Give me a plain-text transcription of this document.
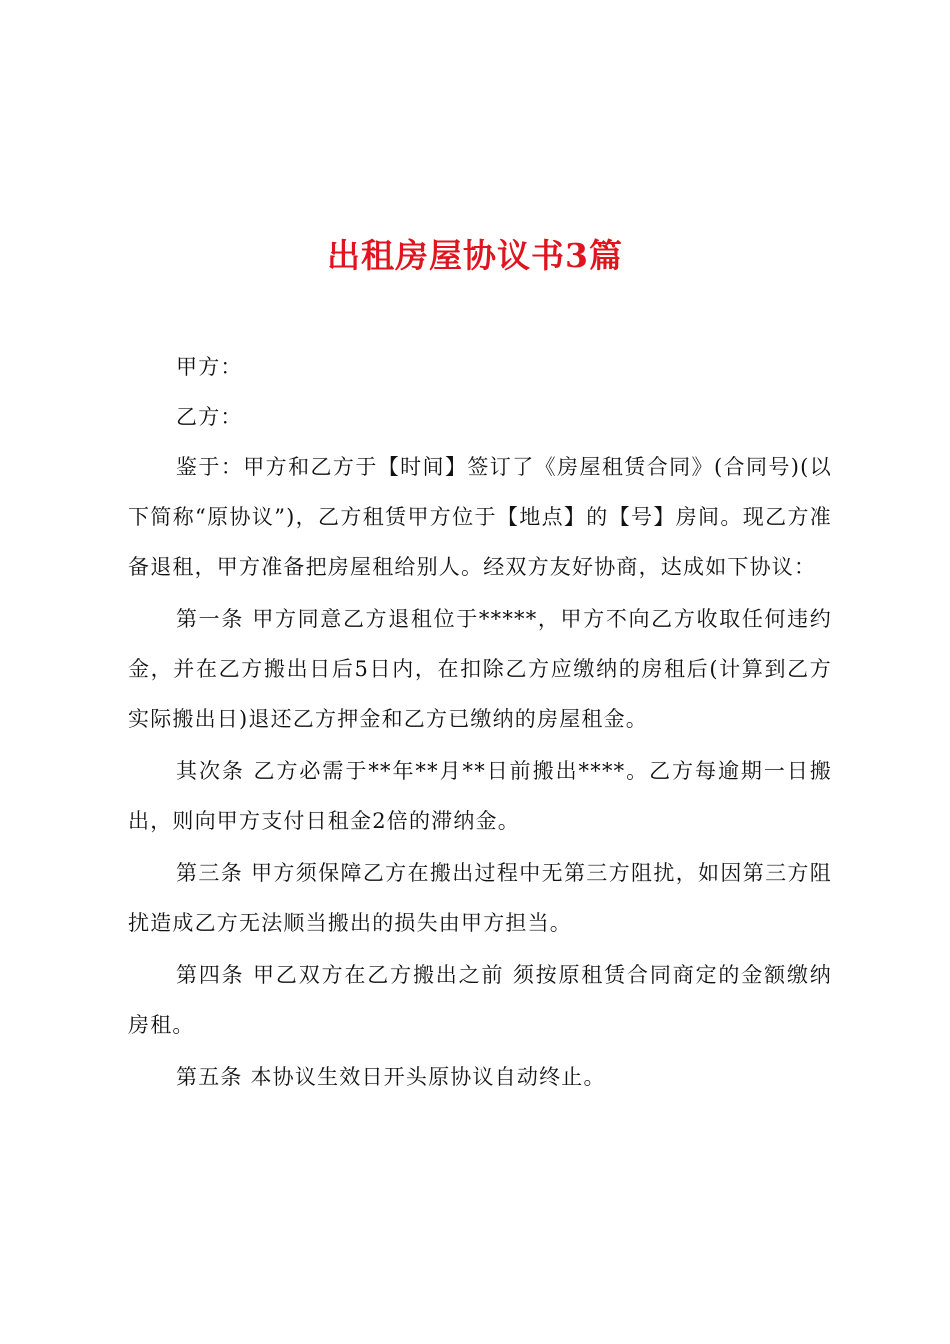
出租房屋协议书3篇

甲方：

乙方：

鉴于：甲方和乙方于【时间】签订了《房屋租赁合同》(合同号)(以下简称“原协议”)，乙方租赁甲方位于【地点】的【号】房间。现乙方准备退租，甲方准备把房屋租给别人。经双方友好协商，达成如下协议：

第一条 甲方同意乙方退租位于*****，甲方不向乙方收取任何违约金，并在乙方搬出日后5日内，在扣除乙方应缴纳的房租后(计算到乙方实际搬出日)退还乙方押金和乙方已缴纳的房屋租金。

其次条 乙方必需于**年**月**日前搬出****。乙方每逾期一日搬出，则向甲方支付日租金2倍的滞纳金。

第三条 甲方须保障乙方在搬出过程中无第三方阻扰，如因第三方阻扰造成乙方无法顺当搬出的损失由甲方担当。

第四条 甲乙双方在乙方搬出之前 须按原租赁合同商定的金额缴纳房租。

第五条 本协议生效日开头原协议自动终止。
